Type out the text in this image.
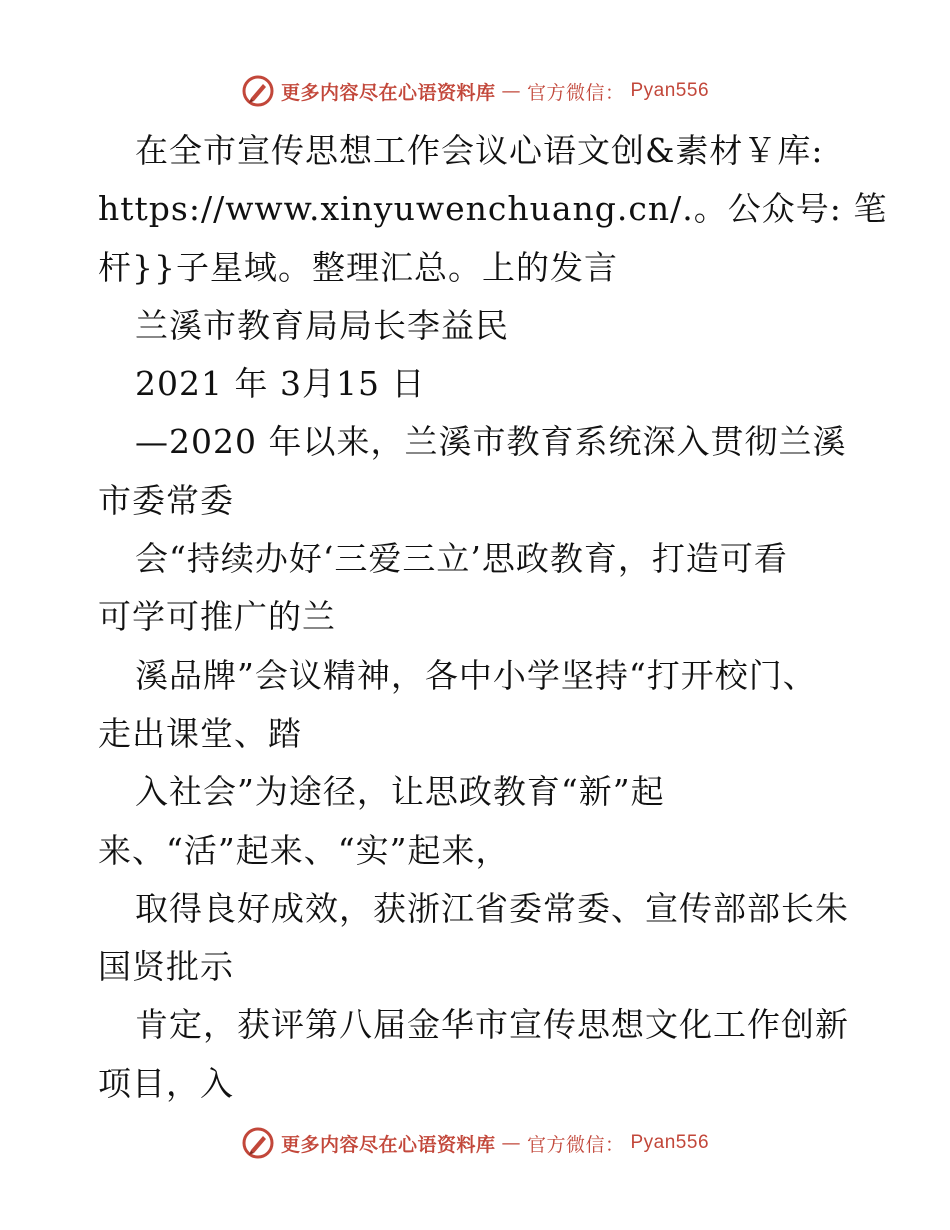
更多内容尽在心语资料库 — 官方微信： Pyan556
在全市宣传思想工作会议心语文创&素材￥库:
https://www.xinyuwenchuang.cn/.。公众号: 笔
杆}}子星域。整理汇总。上的发言
兰溪市教育局局长李益民
2021 年 3月15 日
—2020 年以来，兰溪市教育系统深入贯彻兰溪
市委常委
会“持续办好‘三爱三立’思政教育，打造可看
可学可推广的兰
溪品牌”会议精神，各中小学坚持“打开校门、
走出课堂、踏
入社会”为途径，让思政教育“新”起
来、“活”起来、“实”起来，
取得良好成效，获浙江省委常委、宣传部部长朱
国贤批示
肯定，获评第八届金华市宣传思想文化工作创新
项目，入
更多内容尽在心语资料库 — 官方微信： Pyan556
